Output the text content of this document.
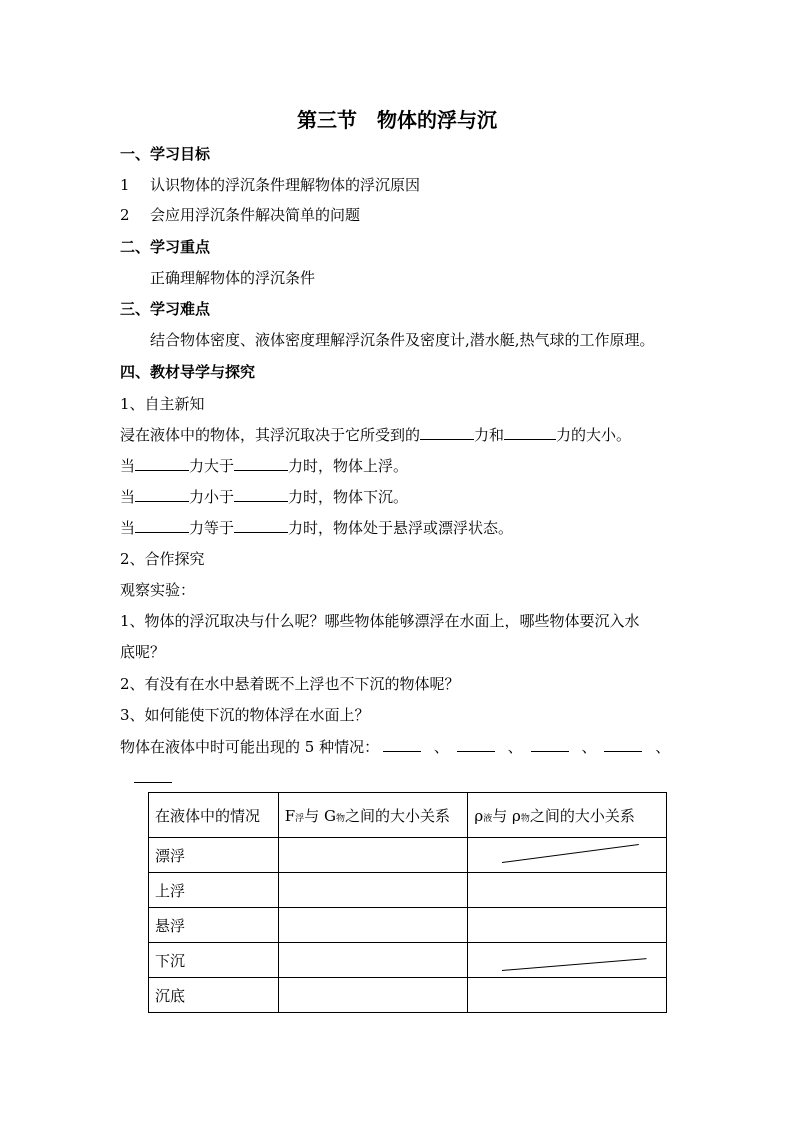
第三节　物体的浮与沉
一、学习目标
1 认识物体的浮沉条件理解物体的浮沉原因
2 会应用浮沉条件解决简单的问题
二、学习重点
正确理解物体的浮沉条件
三、学习难点
结合物体密度、液体密度理解浮沉条件及密度计,潜水艇,热气球的工作原理。
四、教材导学与探究
1、自主新知
浸在液体中的物体，其浮沉取决于它所受到的	力和	力的大小。
当	力大于	力时，物体上浮。
当	力小于	力时，物体下沉。
当	力等于	力时，物体处于悬浮或漂浮状态。
2、合作探究
观察实验：
1、物体的浮沉取决与什么呢？哪些物体能够漂浮在水面上，哪些物体要沉入水
底呢？
2、有没有在水中悬着既不上浮也不下沉的物体呢？
3、如何能使下沉的物体浮在水面上？
物体在液体中时可能出现的 5 种情况：	、	、	、	、
在液体中的情况	F浮与 G物之间的大小关系	ρ液与 ρ物之间的大小关系
漂浮		
上浮		
悬浮		
下沉		
沉底		
